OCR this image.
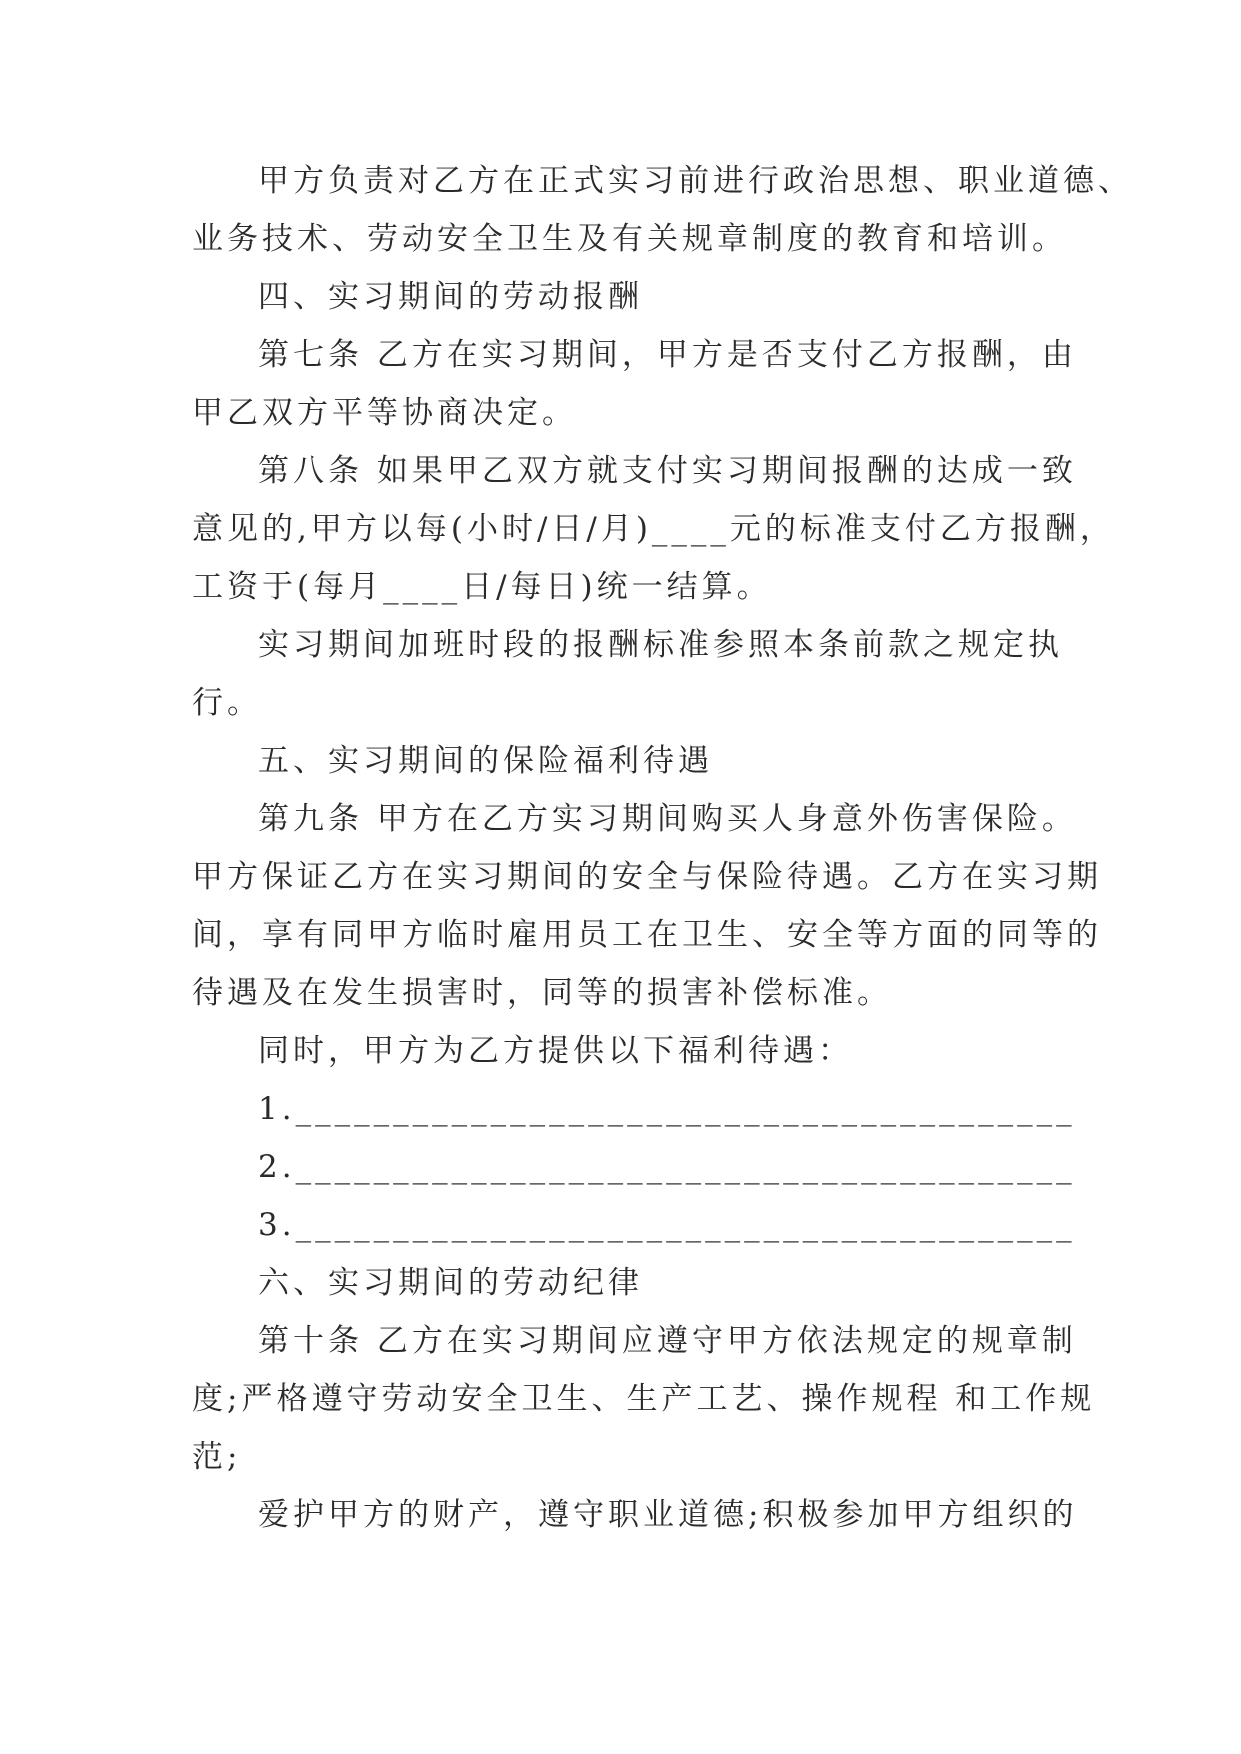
甲方负责对乙方在正式实习前进行政治思想、职业道德、
业务技术、劳动安全卫生及有关规章制度的教育和培训。
四、实习期间的劳动报酬
第七条 乙方在实习期间，甲方是否支付乙方报酬，由
甲乙双方平等协商决定。
第八条 如果甲乙双方就支付实习期间报酬的达成一致
意见的,甲方以每(小时/日/月)____元的标准支付乙方报酬，
工资于(每月____日/每日)统一结算。
实习期间加班时段的报酬标准参照本条前款之规定执
行。
五、实习期间的保险福利待遇
第九条 甲方在乙方实习期间购买人身意外伤害保险。
甲方保证乙方在实习期间的安全与保险待遇。乙方在实习期
间，享有同甲方临时雇用员工在卫生、安全等方面的同等的
待遇及在发生损害时，同等的损害补偿标准。
同时，甲方为乙方提供以下福利待遇：
1.________________________________________
2.________________________________________
3.________________________________________
六、实习期间的劳动纪律
第十条 乙方在实习期间应遵守甲方依法规定的规章制
度;严格遵守劳动安全卫生、生产工艺、操作规程 和工作规
范;
爱护甲方的财产，遵守职业道德;积极参加甲方组织的
